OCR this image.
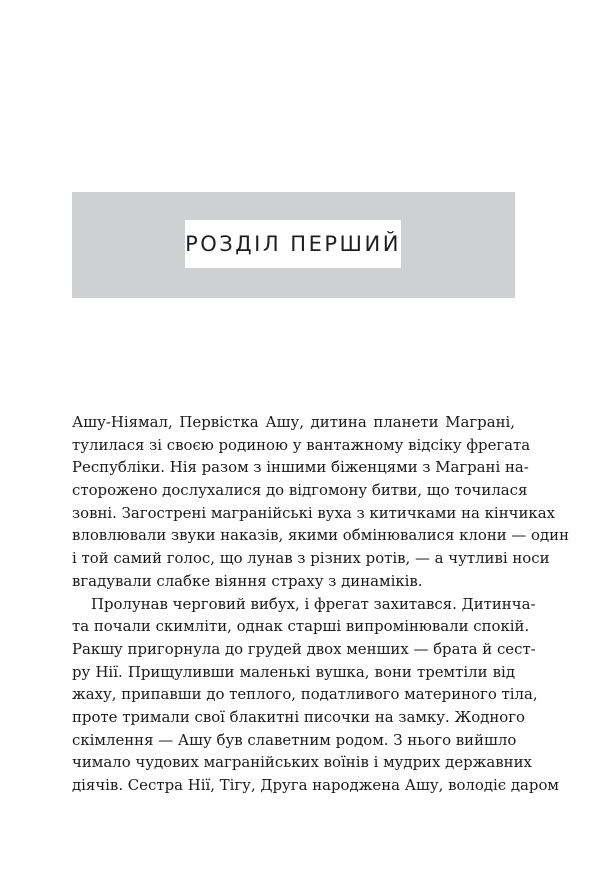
РОЗДІЛ ПЕРШИЙ
Ашу-Ніямал, Первістка Ашу, дитина планети Маграні,
тулилася зі своєю родиною у вантажному відсіку фрегата
Республіки. Нія разом з іншими біженцями з Маграні на-
сторожено дослухалися до відгомону битви, що точилася
зовні. Загострені магранійські вуха з китичками на кінчиках
вловлювали звуки наказів, якими обмінювалися клони — один
і той самий голос, що лунав з різних ротів, — а чутливі носи
вгадували слабке віяння страху з динаміків.
Пролунав черговий вибух, і фрегат захитався. Дитинча-
та почали скимліти, однак старші випромінювали спокій.
Ракшу пригорнула до грудей двох менших — брата й сест-
ру Нії. Прищуливши маленькі вушка, вони тремтіли від
жаху, припавши до теплого, податливого материного тіла,
проте тримали свої блакитні писочки на замку. Жодного
скімлення — Ашу був славетним родом. З нього вийшло
чимало чудових магранійських воїнів і мудрих державних
діячів. Сестра Нії, Тігу, Друга народжена Ашу, володіє даром
